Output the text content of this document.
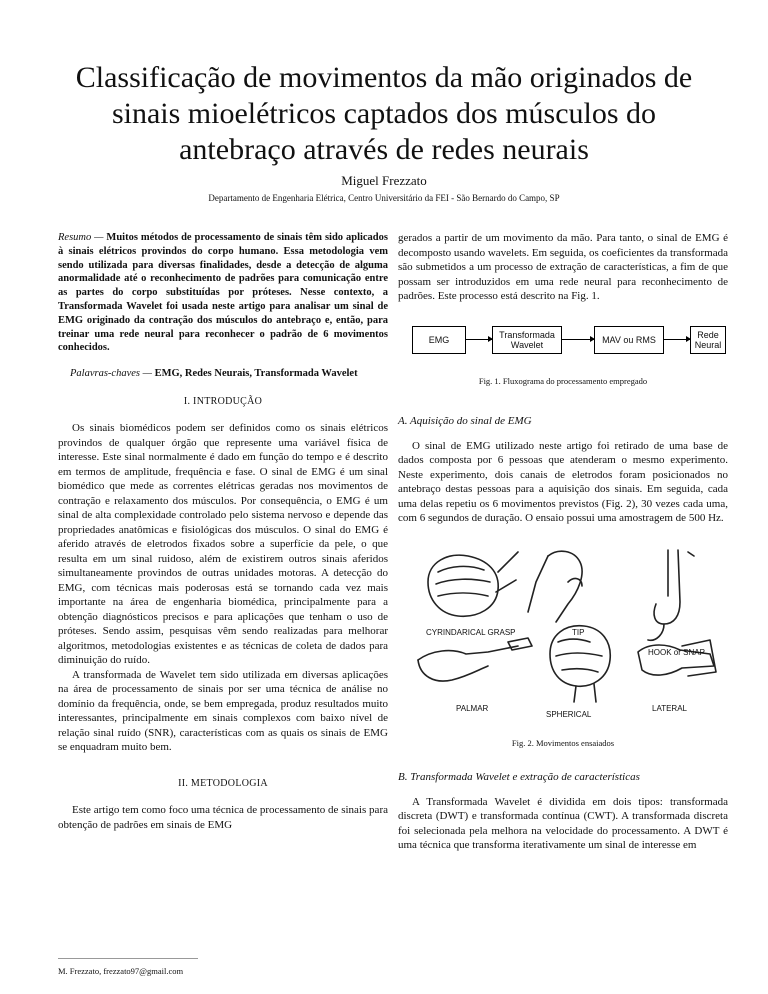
Classificação de movimentos da mão originados de sinais mioelétricos captados dos músculos do antebraço através de redes neurais
Miguel Frezzato
Departamento de Engenharia Elétrica, Centro Universitário da FEI - São Bernardo do Campo, SP

Resumo — Muitos métodos de processamento de sinais têm sido aplicados à sinais elétricos provindos do corpo humano. Essa metodologia vem sendo utilizada para diversas finalidades, desde a detecção de alguma anormalidade até o reconhecimento de padrões para comunicação entre as partes do corpo substituídas por próteses. Nesse contexto, a Transformada Wavelet foi usada neste artigo para analisar um sinal de EMG originado da contração dos músculos do antebraço e, então, para treinar uma rede neural para reconhecer o padrão de 6 movimentos conhecidos.

Palavras-chaves — EMG, Redes Neurais, Transformada Wavelet

I. INTRODUÇÃO

Os sinais biomédicos podem ser definidos como os sinais elétricos provindos de qualquer órgão que represente uma variável física de interesse. Este sinal normalmente é dado em função do tempo e é descrito em termos de amplitude, frequência e fase. O sinal de EMG é um sinal biomédico que mede as correntes elétricas geradas nos movimentos de contração e relaxamento dos músculos. Por consequência, o EMG é um sinal de alta complexidade controlado pelo sistema nervoso e depende das propriedades anatômicas e fisiológicas dos músculos. O sinal do EMG é aferido através de eletrodos fixados sobre a superfície da pele, o que resulta em um sinal ruidoso, além de existirem outros sinais aferidos simultaneamente provindos de outras unidades motoras. A detecção do EMG, com técnicas mais poderosas está se tornando cada vez mais importante na área de engenharia biomédica, principalmente para a obtenção diagnósticos precisos e para aplicações que tenham o uso de próteses. Sendo assim, pesquisas vêm sendo realizadas para melhorar algoritmos, metodologias existentes e as técnicas de coleta de dados para diminuição do ruído.

A transformada de Wavelet tem sido utilizada em diversas aplicações na área de processamento de sinais por ser uma técnica de análise no domínio da frequência, onde, se bem empregada, produz resultados muito interessantes, principalmente em sinais complexos com baixo nível de relação sinal ruído (SNR), características com as quais os sinais de EMG se enquadram muito bem.

II. METODOLOGIA

Este artigo tem como foco uma técnica de processamento de sinais para obtenção de padrões em sinais de EMG

gerados a partir de um movimento da mão. Para tanto, o sinal de EMG é decomposto usando wavelets. Em seguida, os coeficientes da transformada são submetidos a um processo de extração de características, a fim de que possam ser introduzidos em uma rede neural para reconhecimento de padrões. Este processo está descrito na Fig. 1.

EMG	Transformada Wavelet	MAV ou RMS	Rede Neural
Fig. 1. Fluxograma do processamento empregado
A. Aquisição do sinal de EMG

O sinal de EMG utilizado neste artigo foi retirado de uma base de dados composta por 6 pessoas que atenderam o mesmo experimento. Neste experimento, dois canais de eletrodos foram posicionados no antebraço destas pessoas para a aquisição dos sinais. Em seguida, cada uma delas repetiu os 6 movimentos previstos (Fig. 2), 30 vezes cada uma, com 6 segundos de duração. O ensaio possui uma amostragem de 500 Hz.

CYRINDARICAL GRASP	TIP
HOOK or SNAP
PALMAR
SPHERICAL
LATERAL
Fig. 2. Movimentos ensaiados
B. Transformada Wavelet e extração de características

A Transformada Wavelet é dividida em dois tipos: transformada discreta (DWT) e transformada contínua (CWT). A transformada discreta foi selecionada pela melhora na velocidade do processamento. A DWT é uma técnica que transforma iterativamente um sinal de interesse em

M. Frezzato, frezzato97@gmail.com
